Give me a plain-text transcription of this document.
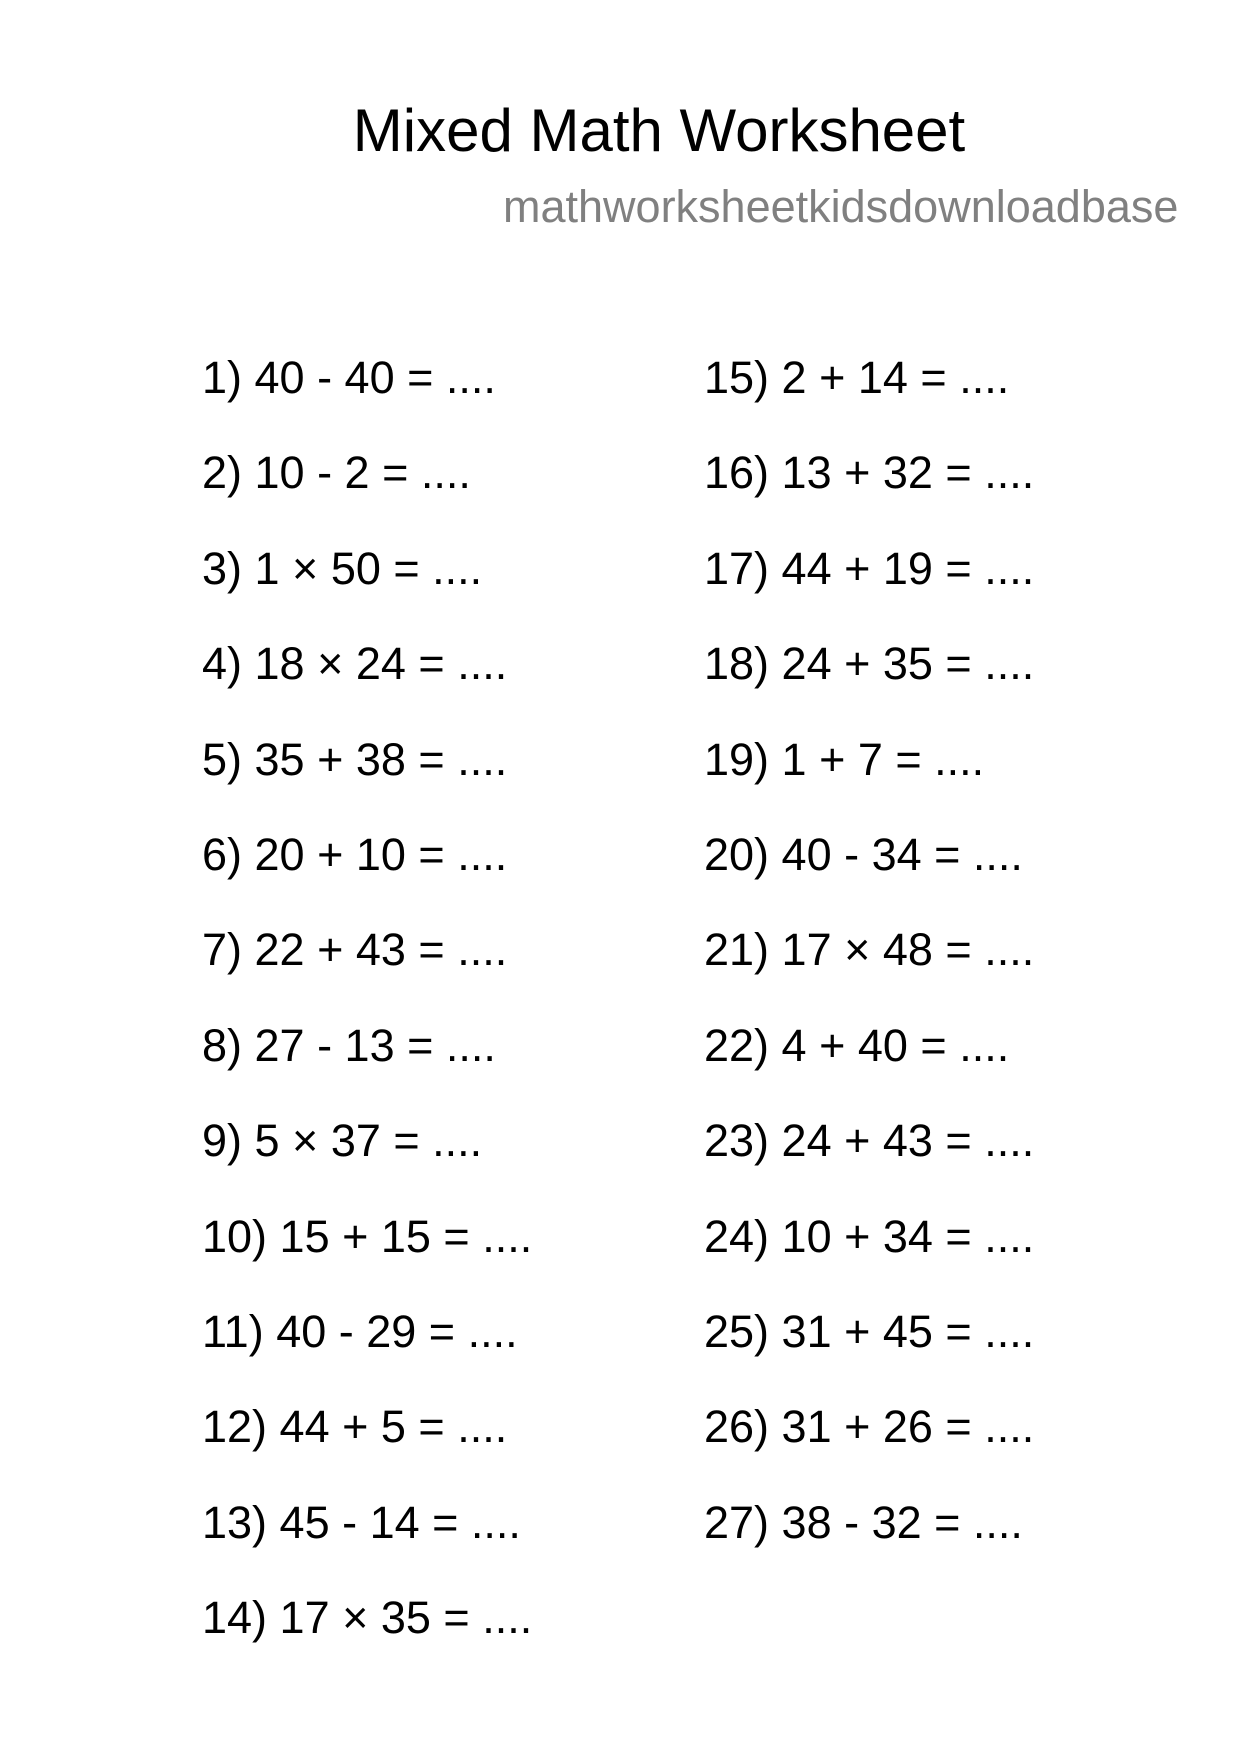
Mixed Math Worksheet
mathworksheetkidsdownloadbase
1) 40 - 40 = ....
2) 10 - 2 = ....
3) 1 × 50 = ....
4) 18 × 24 = ....
5) 35 + 38 = ....
6) 20 + 10 = ....
7) 22 + 43 = ....
8) 27 - 13 = ....
9) 5 × 37 = ....
10) 15 + 15 = ....
11) 40 - 29 = ....
12) 44 + 5 = ....
13) 45 - 14 = ....
14) 17 × 35 = ....
15) 2 + 14 = ....
16) 13 + 32 = ....
17) 44 + 19 = ....
18) 24 + 35 = ....
19) 1 + 7 = ....
20) 40 - 34 = ....
21) 17 × 48 = ....
22) 4 + 40 = ....
23) 24 + 43 = ....
24) 10 + 34 = ....
25) 31 + 45 = ....
26) 31 + 26 = ....
27) 38 - 32 = ....
